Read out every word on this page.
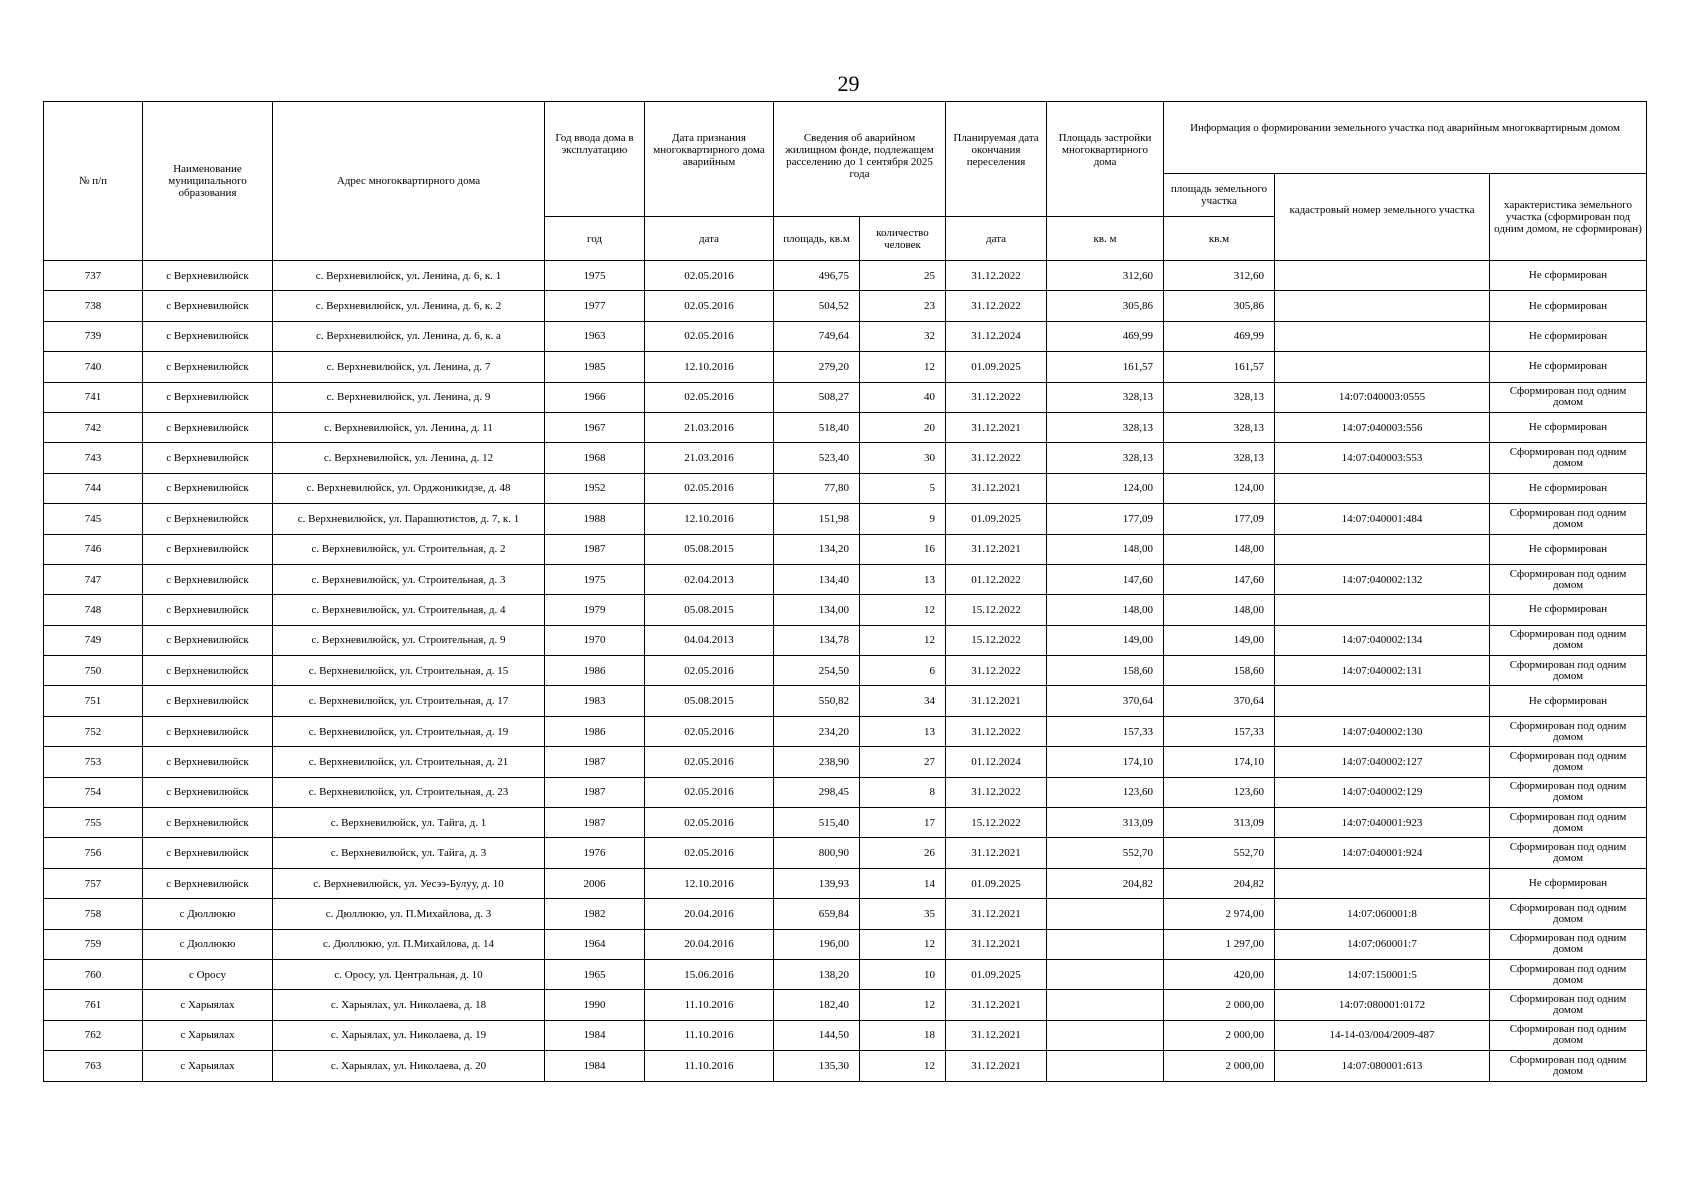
29
№ п/п	Наименование муниципального образования	Адрес многоквартирного дома	Год ввода дома в эксплуатацию	Дата признания многоквартирного дома аварийным	Сведения об аварийном жилищном фонде, подлежащем расселению до 1 сентября 2025 года		Планируемая дата окончания переселения	Площадь застройки многоквартирного дома	Информация о формировании земельного участка под аварийным многоквартирным домом		
									площадь земельного участка	кадастровый номер земельного участка	характеристика земельного участка (сформирован под одним домом, не сформирован)
			год	дата	площадь, кв.м	количество человек	дата	кв. м	кв.м		
737	с Верхневилюйск	с. Верхневилюйск, ул. Ленина, д. 6, к. 1	1975	02.05.2016	496,75	25	31.12.2022	312,60	312,60		Не сформирован
738	с Верхневилюйск	с. Верхневилюйск, ул. Ленина, д. 6, к. 2	1977	02.05.2016	504,52	23	31.12.2022	305,86	305,86		Не сформирован
739	с Верхневилюйск	с. Верхневилюйск, ул. Ленина, д. 6, к. а	1963	02.05.2016	749,64	32	31.12.2024	469,99	469,99		Не сформирован
740	с Верхневилюйск	с. Верхневилюйск, ул. Ленина, д. 7	1985	12.10.2016	279,20	12	01.09.2025	161,57	161,57		Не сформирован
741	с Верхневилюйск	с. Верхневилюйск, ул. Ленина, д. 9	1966	02.05.2016	508,27	40	31.12.2022	328,13	328,13	14:07:040003:0555	Сформирован под одним домом
742	с Верхневилюйск	с. Верхневилюйск, ул. Ленина, д. 11	1967	21.03.2016	518,40	20	31.12.2021	328,13	328,13	14:07:040003:556	Не сформирован
743	с Верхневилюйск	с. Верхневилюйск, ул. Ленина, д. 12	1968	21.03.2016	523,40	30	31.12.2022	328,13	328,13	14:07:040003:553	Сформирован под одним домом
744	с Верхневилюйск	с. Верхневилюйск, ул. Орджоникидзе, д. 48	1952	02.05.2016	77,80	5	31.12.2021	124,00	124,00		Не сформирован
745	с Верхневилюйск	с. Верхневилюйск, ул. Парашютистов, д. 7, к. 1	1988	12.10.2016	151,98	9	01.09.2025	177,09	177,09	14:07:040001:484	Сформирован под одним домом
746	с Верхневилюйск	с. Верхневилюйск, ул. Строительная, д. 2	1987	05.08.2015	134,20	16	31.12.2021	148,00	148,00		Не сформирован
747	с Верхневилюйск	с. Верхневилюйск, ул. Строительная, д. 3	1975	02.04.2013	134,40	13	01.12.2022	147,60	147,60	14:07:040002:132	Сформирован под одним домом
748	с Верхневилюйск	с. Верхневилюйск, ул. Строительная, д. 4	1979	05.08.2015	134,00	12	15.12.2022	148,00	148,00		Не сформирован
749	с Верхневилюйск	с. Верхневилюйск, ул. Строительная, д. 9	1970	04.04.2013	134,78	12	15.12.2022	149,00	149,00	14:07:040002:134	Сформирован под одним домом
750	с Верхневилюйск	с. Верхневилюйск, ул. Строительная, д. 15	1986	02.05.2016	254,50	6	31.12.2022	158,60	158,60	14:07:040002:131	Сформирован под одним домом
751	с Верхневилюйск	с. Верхневилюйск, ул. Строительная, д. 17	1983	05.08.2015	550,82	34	31.12.2021	370,64	370,64		Не сформирован
752	с Верхневилюйск	с. Верхневилюйск, ул. Строительная, д. 19	1986	02.05.2016	234,20	13	31.12.2022	157,33	157,33	14:07:040002:130	Сформирован под одним домом
753	с Верхневилюйск	с. Верхневилюйск, ул. Строительная, д. 21	1987	02.05.2016	238,90	27	01.12.2024	174,10	174,10	14:07:040002:127	Сформирован под одним домом
754	с Верхневилюйск	с. Верхневилюйск, ул. Строительная, д. 23	1987	02.05.2016	298,45	8	31.12.2022	123,60	123,60	14:07:040002:129	Сформирован под одним домом
755	с Верхневилюйск	с. Верхневилюйск, ул. Тайга, д. 1	1987	02.05.2016	515,40	17	15.12.2022	313,09	313,09	14:07:040001:923	Сформирован под одним домом
756	с Верхневилюйск	с. Верхневилюйск, ул. Тайга, д. 3	1976	02.05.2016	800,90	26	31.12.2021	552,70	552,70	14:07:040001:924	Сформирован под одним домом
757	с Верхневилюйск	с. Верхневилюйск, ул. Уесээ-Булуу, д. 10	2006	12.10.2016	139,93	14	01.09.2025	204,82	204,82		Не сформирован
758	с Дюллюкю	с. Дюллюкю, ул. П.Михайлова, д. 3	1982	20.04.2016	659,84	35	31.12.2021		2 974,00	14:07:060001:8	Сформирован под одним домом
759	с Дюллюкю	с. Дюллюкю, ул. П.Михайлова, д. 14	1964	20.04.2016	196,00	12	31.12.2021		1 297,00	14:07:060001:7	Сформирован под одним домом
760	с Оросу	с. Оросу, ул. Центральная, д. 10	1965	15.06.2016	138,20	10	01.09.2025		420,00	14:07:150001:5	Сформирован под одним домом
761	с Харыялах	с. Харыялах, ул. Николаева, д. 18	1990	11.10.2016	182,40	12	31.12.2021		2 000,00	14:07:080001:0172	Сформирован под одним домом
762	с Харыялах	с. Харыялах, ул. Николаева, д. 19	1984	11.10.2016	144,50	18	31.12.2021		2 000,00	14-14-03/004/2009-487	Сформирован под одним домом
763	с Харыялах	с. Харыялах, ул. Николаева, д. 20	1984	11.10.2016	135,30	12	31.12.2021		2 000,00	14:07:080001:613	Сформирован под одним домом
